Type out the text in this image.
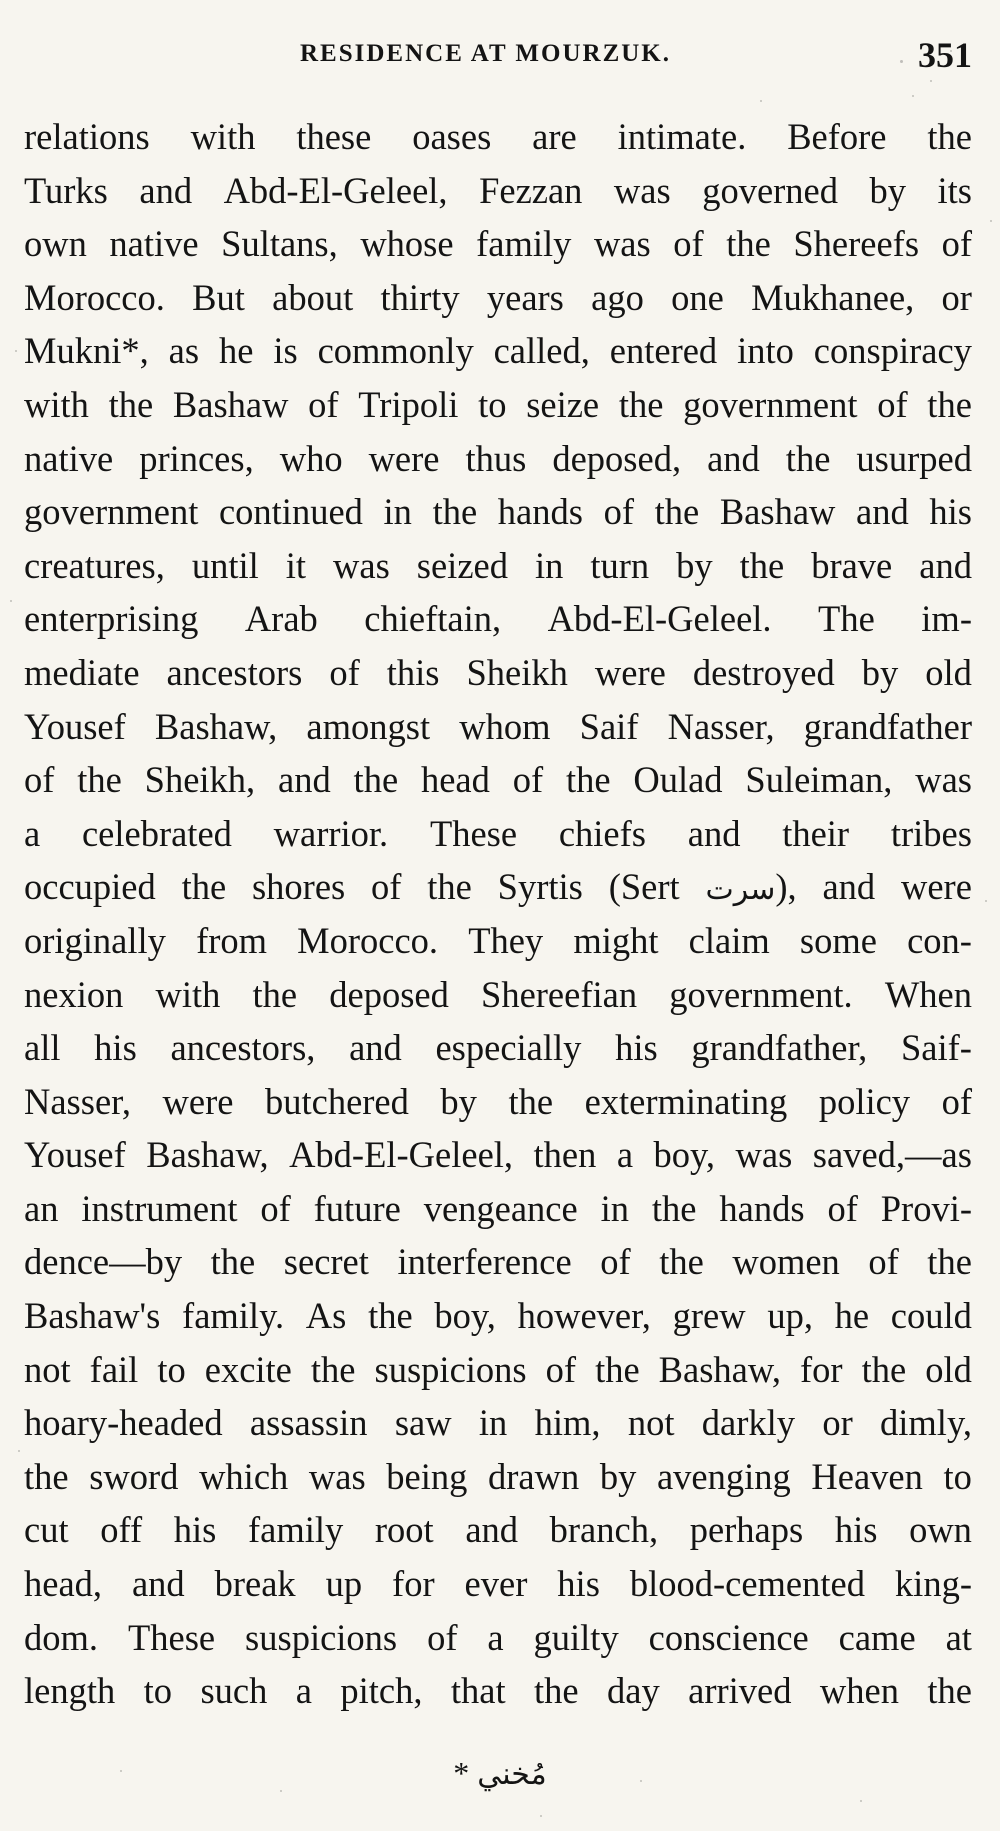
RESIDENCE AT MOURZUK.	351
relations with these oases are intimate. Before the
Turks and Abd-El-Geleel, Fezzan was governed by its
own native Sultans, whose family was of the Shereefs of
Morocco. But about thirty years ago one Mukhanee, or
Mukni*, as he is commonly called, entered into conspiracy
with the Bashaw of Tripoli to seize the government of the
native princes, who were thus deposed, and the usurped
government continued in the hands of the Bashaw and his
creatures, until it was seized in turn by the brave and
enterprising Arab chieftain, Abd-El-Geleel. The im-
mediate ancestors of this Sheikh were destroyed by old
Yousef Bashaw, amongst whom Saif Nasser, grandfather
of the Sheikh, and the head of the Oulad Suleiman, was
a celebrated warrior. These chiefs and their tribes
occupied the shores of the Syrtis (Sert سرت), and were
originally from Morocco. They might claim some con-
nexion with the deposed Shereefian government. When
all his ancestors, and especially his grandfather, Saif-
Nasser, were butchered by the exterminating policy of
Yousef Bashaw, Abd-El-Geleel, then a boy, was saved,—as
an instrument of future vengeance in the hands of Provi-
dence—by the secret interference of the women of the
Bashaw's family. As the boy, however, grew up, he could
not fail to excite the suspicions of the Bashaw, for the old
hoary-headed assassin saw in him, not darkly or dimly,
the sword which was being drawn by avenging Heaven to
cut off his family root and branch, perhaps his own
head, and break up for ever his blood-cemented king-
dom. These suspicions of a guilty conscience came at
length to such a pitch, that the day arrived when the
* مُخني
